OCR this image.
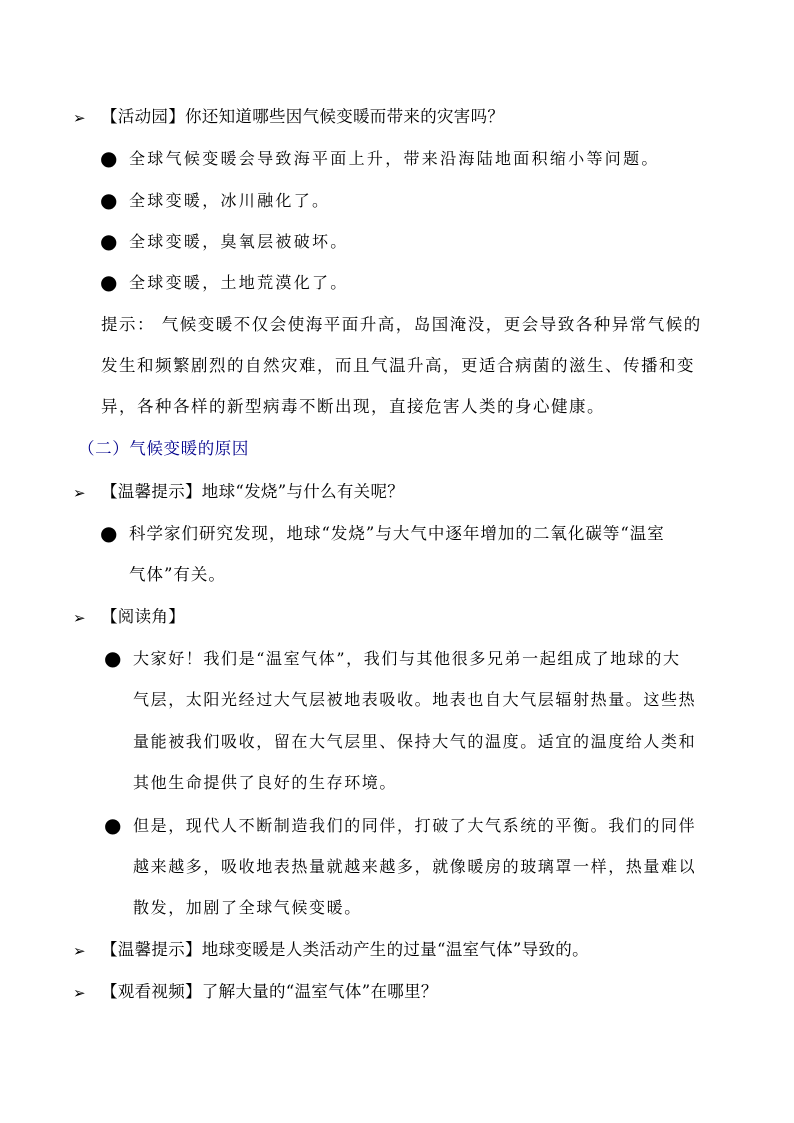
➢ 【活动园】你还知道哪些因气候变暖而带来的灾害吗？
● 全球气候变暖会导致海平面上升，带来沿海陆地面积缩小等问题。
● 全球变暖，冰川融化了。
● 全球变暖，臭氧层被破坏。
● 全球变暖，土地荒漠化了。
提示： 气候变暖不仅会使海平面升高，岛国淹没，更会导致各种异常气候的
发生和频繁剧烈的自然灾难，而且气温升高，更适合病菌的滋生、传播和变
异，各种各样的新型病毒不断出现，直接危害人类的身心健康。
（二）气候变暖的原因
➢ 【温馨提示】地球“发烧”与什么有关呢？
● 科学家们研究发现，地球“发烧”与大气中逐年增加的二氧化碳等“温室
气体”有关。
➢ 【阅读角】
● 大家好！我们是“温室气体”，我们与其他很多兄弟一起组成了地球的大
气层，太阳光经过大气层被地表吸收。地表也自大气层辐射热量。这些热
量能被我们吸收，留在大气层里、保持大气的温度。适宜的温度给人类和
其他生命提供了良好的生存环境。
● 但是，现代人不断制造我们的同伴，打破了大气系统的平衡。我们的同伴
越来越多，吸收地表热量就越来越多，就像暖房的玻璃罩一样，热量难以
散发，加剧了全球气候变暖。
➢ 【温馨提示】地球变暖是人类活动产生的过量“温室气体”导致的。
➢ 【观看视频】了解大量的“温室气体”在哪里？
